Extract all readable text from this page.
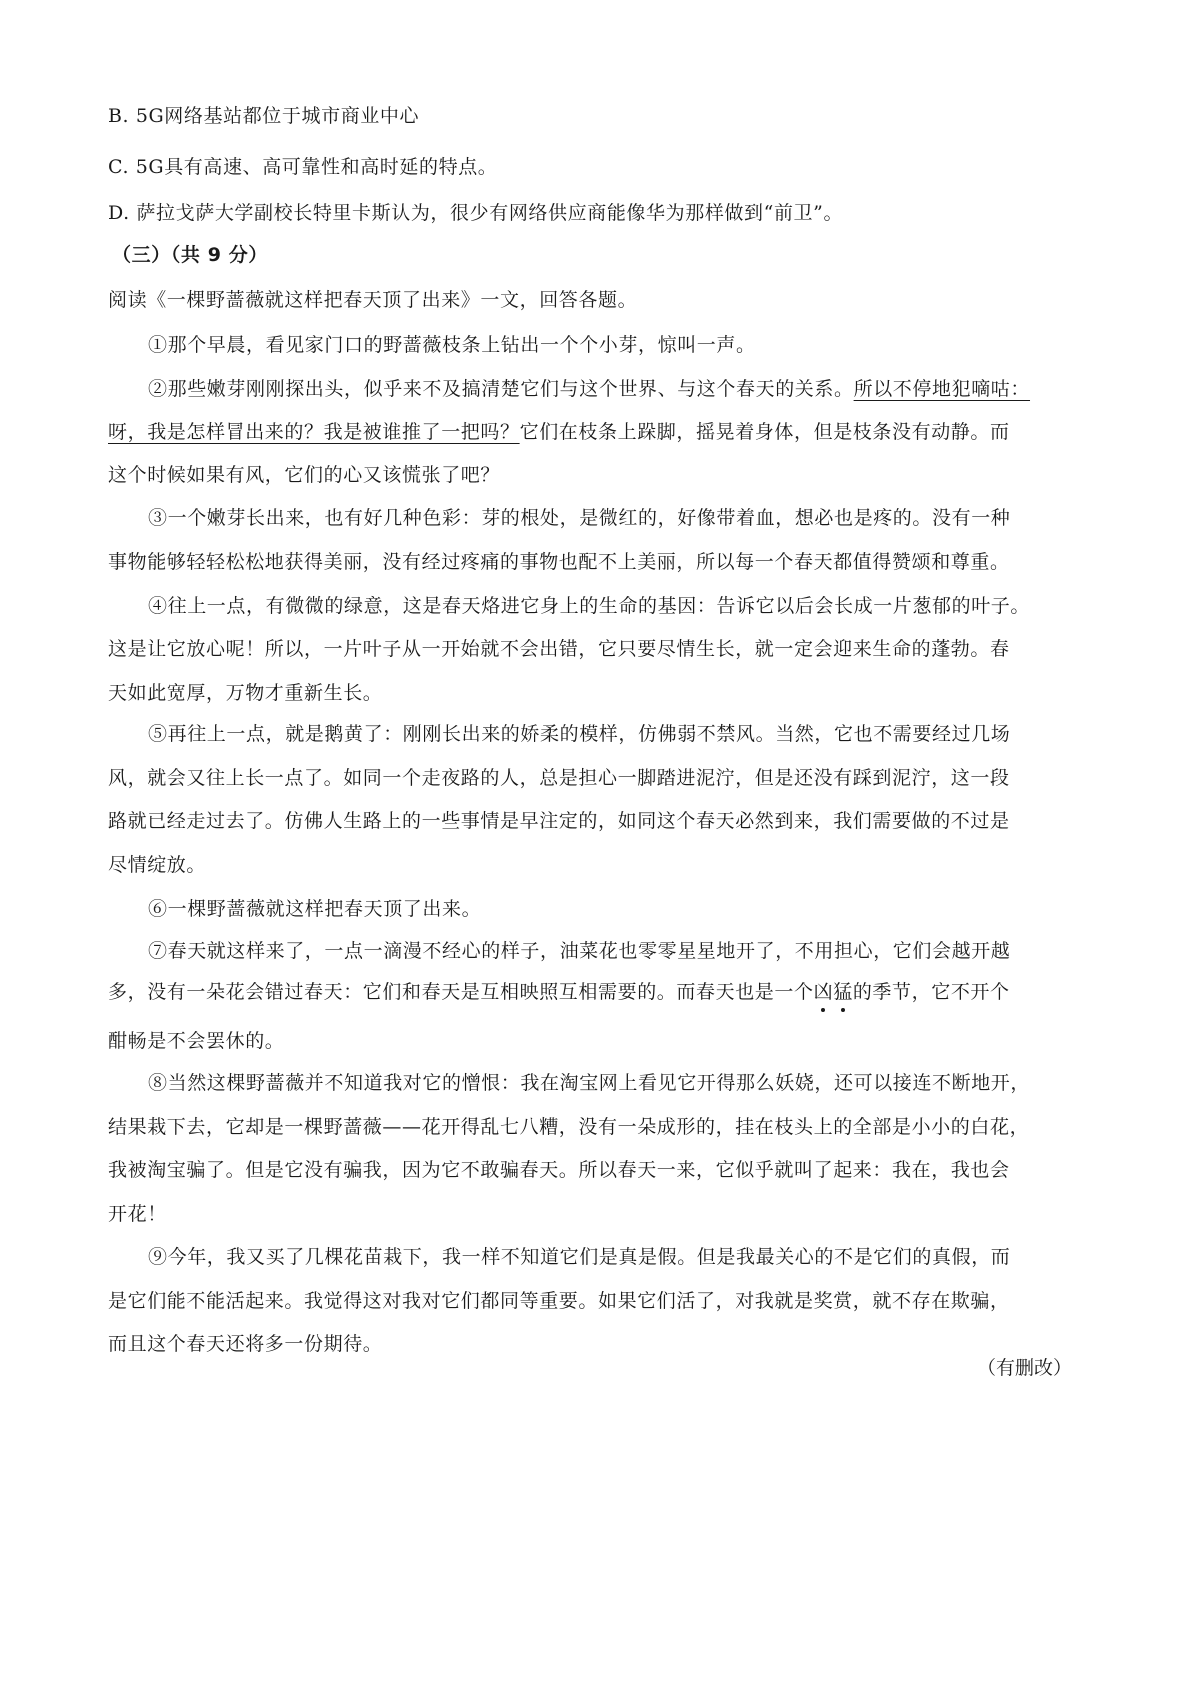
B. 5G网络基站都位于城市商业中心
C. 5G具有高速、高可靠性和高时延的特点。
D. 萨拉戈萨大学副校长特里卡斯认为，很少有网络供应商能像华为那样做到“前卫”。
（三）（共 9 分）
阅读《一棵野蔷薇就这样把春天顶了出来》一文，回答各题。
①那个早晨，看见家门口的野蔷薇枝条上钻出一个个小芽，惊叫一声。
②那些嫩芽刚刚探出头，似乎来不及搞清楚它们与这个世界、与这个春天的关系。所以不停地犯嘀咕：
呀，我是怎样冒出来的？我是被谁推了一把吗？它们在枝条上跺脚，摇晃着身体，但是枝条没有动静。而
这个时候如果有风，它们的心又该慌张了吧？
③一个嫩芽长出来，也有好几种色彩：芽的根处，是微红的，好像带着血，想必也是疼的。没有一种
事物能够轻轻松松地获得美丽，没有经过疼痛的事物也配不上美丽，所以每一个春天都值得赞颂和尊重。
④往上一点，有微微的绿意，这是春天烙进它身上的生命的基因：告诉它以后会长成一片葱郁的叶子。
这是让它放心呢！所以，一片叶子从一开始就不会出错，它只要尽情生长，就一定会迎来生命的蓬勃。春
天如此宽厚，万物才重新生长。
⑤再往上一点，就是鹅黄了：刚刚长出来的娇柔的模样，仿佛弱不禁风。当然，它也不需要经过几场
风，就会又往上长一点了。如同一个走夜路的人，总是担心一脚踏进泥泞，但是还没有踩到泥泞，这一段
路就已经走过去了。仿佛人生路上的一些事情是早注定的，如同这个春天必然到来，我们需要做的不过是
尽情绽放。
⑥一棵野蔷薇就这样把春天顶了出来。
⑦春天就这样来了，一点一滴漫不经心的样子，油菜花也零零星星地开了，不用担心，它们会越开越
多，没有一朵花会错过春天：它们和春天是互相映照互相需要的。而春天也是一个凶
猛
的季节，它不开个
酣畅是不会罢休的。
⑧当然这棵野蔷薇并不知道我对它的憎恨：我在淘宝网上看见它开得那么妖娆，还可以接连不断地开，
结果栽下去，它却是一棵野蔷薇——花开得乱七八糟，没有一朵成形的，挂在枝头上的全部是小小的白花，
我被淘宝骗了。但是它没有骗我，因为它不敢骗春天。所以春天一来，它似乎就叫了起来：我在，我也会
开花！
⑨今年，我又买了几棵花苗栽下，我一样不知道它们是真是假。但是我最关心的不是它们的真假，而
是它们能不能活起来。我觉得这对我对它们都同等重要。如果它们活了，对我就是奖赏，就不存在欺骗，
而且这个春天还将多一份期待。
（有删改）
